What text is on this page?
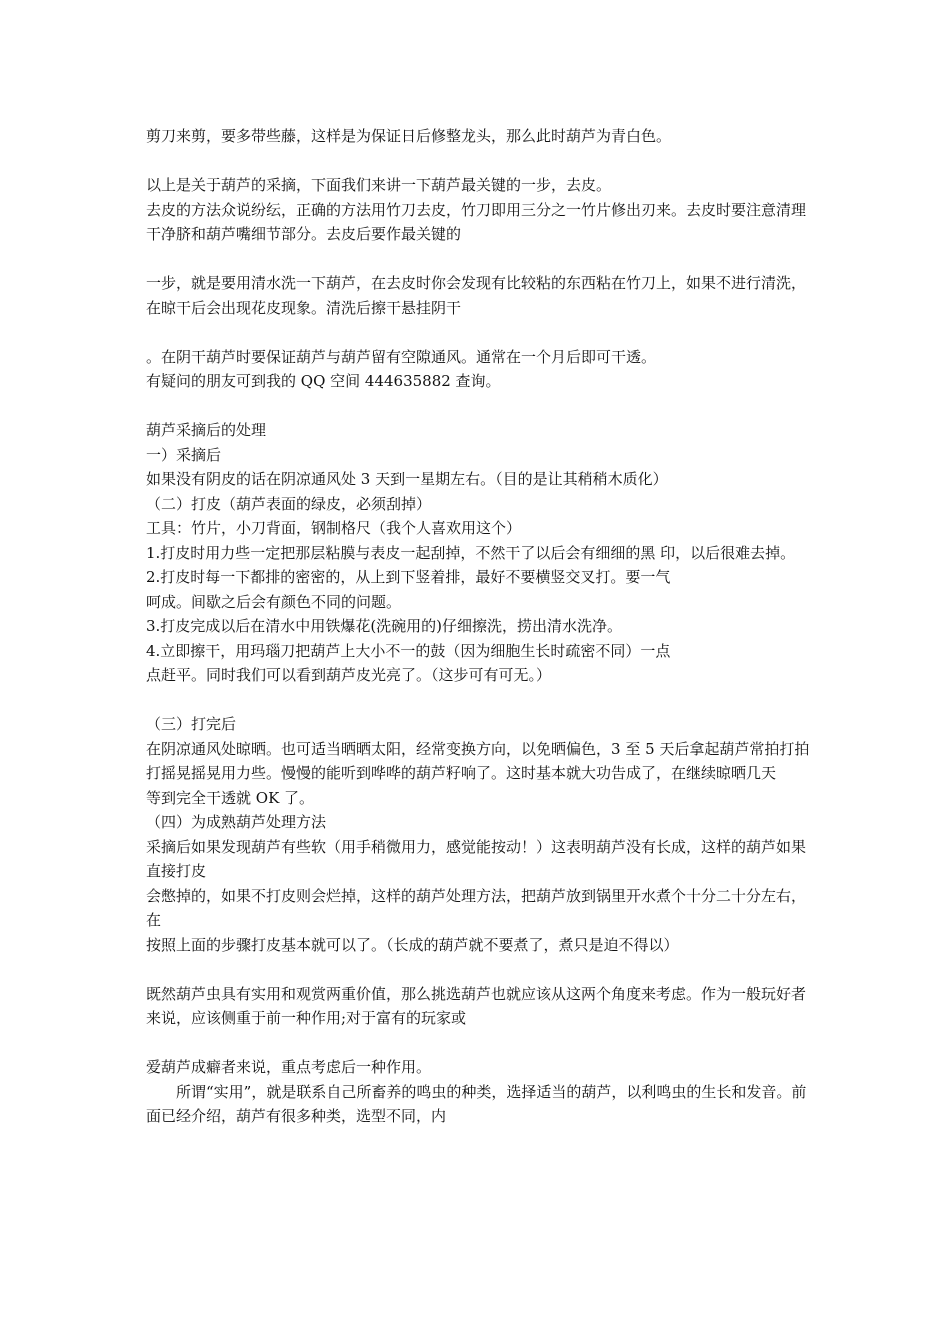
剪刀来剪，要多带些藤，这样是为保证日后修整龙头，那么此时葫芦为青白色。
以上是关于葫芦的采摘，下面我们来讲一下葫芦最关键的一步，去皮。
去皮的方法众说纷纭，正确的方法用竹刀去皮，竹刀即用三分之一竹片修出刃来。去皮时要注意清理干净脐和葫芦嘴细节部分。去皮后要作最关键的
一步，就是要用清水洗一下葫芦，在去皮时你会发现有比较粘的东西粘在竹刀上，如果不进行清洗，在晾干后会出现花皮现象。清洗后擦干悬挂阴干
。在阴干葫芦时要保证葫芦与葫芦留有空隙通风。通常在一个月后即可干透。
有疑问的朋友可到我的 QQ 空间 444635882 查询。
葫芦采摘后的处理
一）采摘后
如果没有阴皮的话在阴凉通风处 3 天到一星期左右。（目的是让其稍稍木质化）
（二）打皮（葫芦表面的绿皮，必须刮掉）
工具：竹片，小刀背面，钢制格尺（我个人喜欢用这个）
1.打皮时用力些一定把那层粘膜与表皮一起刮掉，不然干了以后会有细细的黑 印，以后很难去掉。
2.打皮时每一下都排的密密的，从上到下竖着排，最好不要横竖交叉打。要一气
呵成。间歇之后会有颜色不同的问题。
3.打皮完成以后在清水中用铁爆花(洗碗用的)仔细擦洗，捞出清水洗净。
4.立即擦干，用玛瑙刀把葫芦上大小不一的鼓（因为细胞生长时疏密不同）一点
点赶平。同时我们可以看到葫芦皮光亮了。（这步可有可无。）
（三）打完后
在阴凉通风处晾晒。也可适当晒晒太阳，经常变换方向，以免晒偏色，3 至 5 天后拿起葫芦常拍打拍打摇晃摇晃用力些。慢慢的能听到哗哗的葫芦籽响了。这时基本就大功告成了，在继续晾晒几天
等到完全干透就 OK 了。
（四）为成熟葫芦处理方法
采摘后如果发现葫芦有些软（用手稍微用力，感觉能按动！）这表明葫芦没有长成，这样的葫芦如果直接打皮
会憋掉的，如果不打皮则会烂掉，这样的葫芦处理方法，把葫芦放到锅里开水煮个十分二十分左右，在
按照上面的步骤打皮基本就可以了。（长成的葫芦就不要煮了，煮只是迫不得以）
既然葫芦虫具有实用和观赏两重价值，那么挑选葫芦也就应该从这两个角度来考虑。作为一般玩好者来说，应该侧重于前一种作用;对于富有的玩家或
爱葫芦成癖者来说，重点考虑后一种作用。
所谓“实用”，就是联系自己所畜养的鸣虫的种类，选择适当的葫芦，以利鸣虫的生长和发音。前面已经介绍，葫芦有很多种类，选型不同，内
